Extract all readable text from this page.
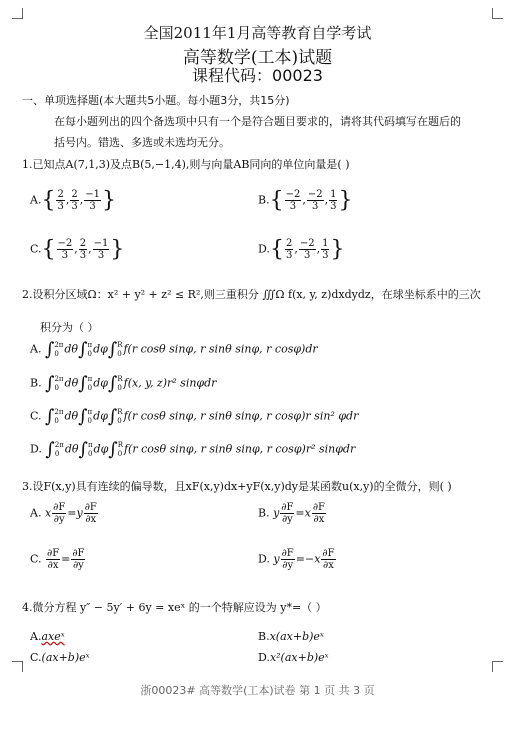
全国2011年1月高等教育自学考试
高等数学(工本)试题
课程代码：00023
一、单项选择题(本大题共5小题。每小题3分，共15分)
在每小题列出的四个备选项中只有一个是符合题目要求的，请将其代码填写在题后的
括号内。错选、多选或未选均无分。
1.已知点A(7,1,3)及点B(5,−1,4),则与向量AB同向的单位向量是( )
$A.\{ \frac{2}{3}$ , $\frac{2}{3}$ , $\frac{-1}{3}$ }	$B.\{ \frac{-2}{3}$ , $\frac{-2}{3}$ , $\frac{1}{3}$ }
$C.\{ \frac{-2}{3}$ , $\frac{2}{3}$ , $\frac{-1}{3}$ }	$D.\{ \frac{2}{3}$ , $\frac{-2}{3}$ , $\frac{1}{3}$ }
2.设积分区域Ω：x² + y² + z² ≤ R²,则三重积分 ∭Ω f(x, y, z)dxdydz，在球坐标系中的三次
积分为（ ）
A. ∫ 2π
0 dθ∫ π
0 dφ∫ R
0 f(r cosθ sinφ, r sinθ sinφ, r cosφ)dr
B. ∫ 2π
0 dθ∫ π
0 dφ∫ R
0 f(x, y, z)r² sinφdr
C. ∫ 2π
0 dθ∫ π
0 dφ∫ R
0 f(r cosθ sinφ, r sinθ sinφ, r cosφ)r sin² φdr
D. ∫ 2π
0 dθ∫ π
0 dφ∫ R
0 f(r cosθ sinφ, r sinθ sinφ, r cosφ)r² sinφdr
3.设F(x,y)具有连续的偏导数，且xF(x,y)dx+yF(x,y)dy是某函数u(x,y)的全微分，则( )
A. x $\frac{\partial F}{\partial y} =y \frac{\partial F}{\partial x}$	B. y $\frac{\partial F}{\partial y} =x \frac{\partial F}{\partial x}$
C. $\frac{\partial F}{\partial x} = \frac{\partial F}{\partial y}$	D. y $\frac{\partial F}{\partial y} =-x \frac{\partial F}{\partial x}$
4.微分方程 y″ − 5y′ + 6y = xeˣ 的一个特解应设为 y*=（ ）
A.axeˣ	B.x(ax+b)eˣ
C.(ax+b)eˣ	D.x²(ax+b)eˣ
浙00023# 高等数学(工本)试卷 第 1 页 共 3 页
